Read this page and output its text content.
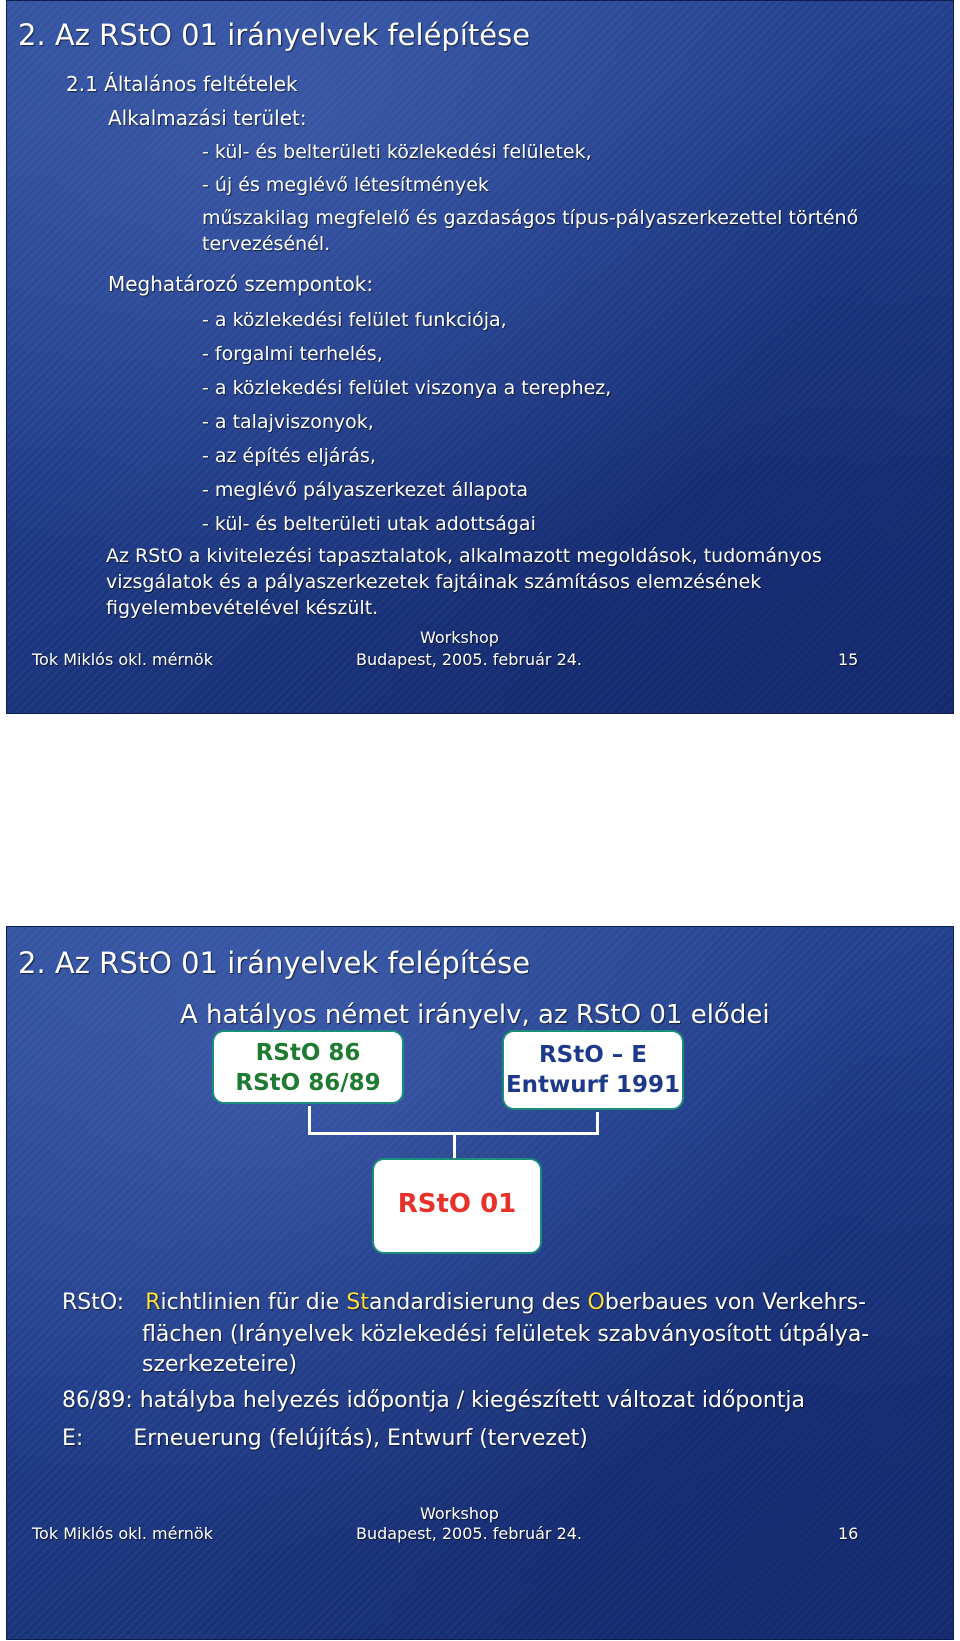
2. Az RStO 01 irányelvek felépítése
2.1 Általános feltételek
Alkalmazási terület:
- kül- és belterületi közlekedési felületek,
- új és meglévő létesítmények
műszakilag megfelelő és gazdaságos típus-pályaszerkezettel történő
tervezésénél.
Meghatározó szempontok:
- a közlekedési felület funkciója,
- forgalmi terhelés,
- a közlekedési felület viszonya a terephez,
- a talajviszonyok,
- az építés eljárás,
- meglévő pályaszerkezet állapota
- kül- és belterületi utak adottságai
Az RStO a kivitelezési tapasztalatok, alkalmazott megoldások, tudományos
vizsgálatok és a pályaszerkezetek fajtáinak számításos elemzésének
figyelembevételével készült.
Workshop
Tok Miklós okl. mérnök	Budapest, 2005. február 24.	15
2. Az RStO 01 irányelvek felépítése
A hatályos német irányelv, az RStO 01 elődei
RStO 86
RStO 86/89
RStO – E
Entwurf 1991
RStO 01
RStO: Richtlinien für die Standardisierung des Oberbaues von Verkehrs-
flächen (Irányelvek közlekedési felületek szabványosított útpálya-
szerkezeteire)
86/89: hatályba helyezés időpontja / kiegészített változat időpontja
E: Erneuerung (felújítás), Entwurf (tervezet)
Workshop
Tok Miklós okl. mérnök	Budapest, 2005. február 24.	16
